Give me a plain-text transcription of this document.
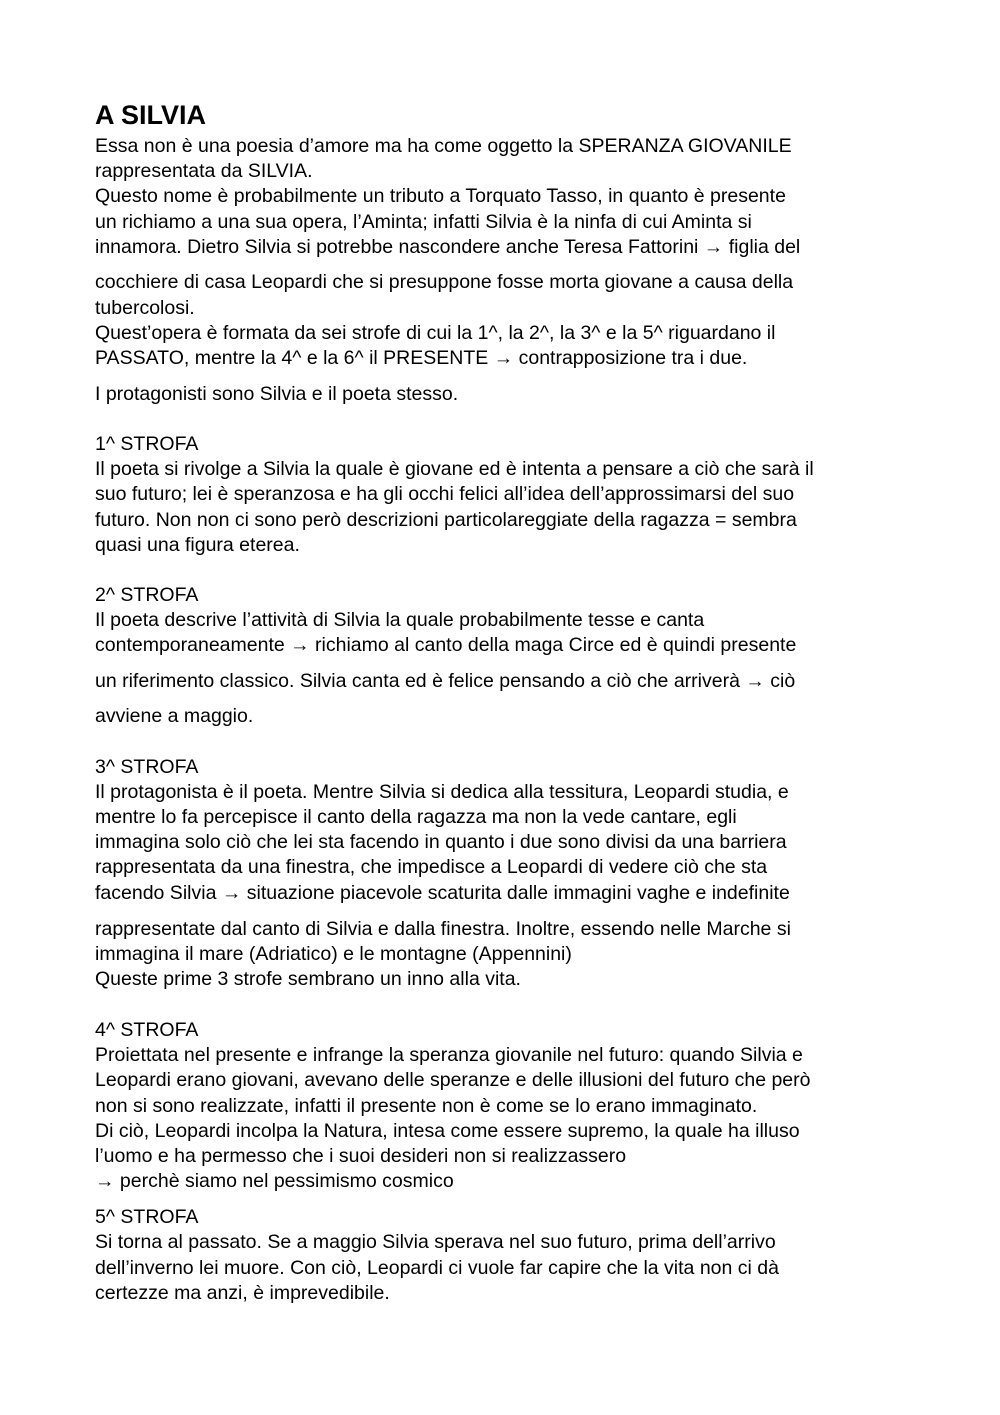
A SILVIA
Essa non è una poesia d’amore ma ha come oggetto la SPERANZA GIOVANILE
rappresentata da SILVIA.
Questo nome è probabilmente un tributo a Torquato Tasso, in quanto è presente
un richiamo a una sua opera, l’Aminta; infatti Silvia è la ninfa di cui Aminta si
innamora. Dietro Silvia si potrebbe nascondere anche Teresa Fattorini → figlia del
cocchiere di casa Leopardi che si presuppone fosse morta giovane a causa della
tubercolosi.
Quest’opera è formata da sei strofe di cui la 1^, la 2^, la 3^ e la 5^ riguardano il
PASSATO, mentre la 4^ e la 6^ il PRESENTE → contrapposizione tra i due.
I protagonisti sono Silvia e il poeta stesso.
1^ STROFA
Il poeta si rivolge a Silvia la quale è giovane ed è intenta a pensare a ciò che sarà il
suo futuro; lei è speranzosa e ha gli occhi felici all’idea dell’approssimarsi del suo
futuro. Non non ci sono però descrizioni particolareggiate della ragazza = sembra
quasi una figura eterea.
2^ STROFA
Il poeta descrive l’attività di Silvia la quale probabilmente tesse e canta
contemporaneamente → richiamo al canto della maga Circe ed è quindi presente
un riferimento classico. Silvia canta ed è felice pensando a ciò che arriverà → ciò
avviene a maggio.
3^ STROFA
Il protagonista è il poeta. Mentre Silvia si dedica alla tessitura, Leopardi studia, e
mentre lo fa percepisce il canto della ragazza ma non la vede cantare, egli
immagina solo ciò che lei sta facendo in quanto i due sono divisi da una barriera
rappresentata da una finestra, che impedisce a Leopardi di vedere ciò che sta
facendo Silvia → situazione piacevole scaturita dalle immagini vaghe e indefinite
rappresentate dal canto di Silvia e dalla finestra. Inoltre, essendo nelle Marche si
immagina il mare (Adriatico) e le montagne (Appennini)
Queste prime 3 strofe sembrano un inno alla vita.
4^ STROFA
Proiettata nel presente e infrange la speranza giovanile nel futuro: quando Silvia e
Leopardi erano giovani, avevano delle speranze e delle illusioni del futuro che però
non si sono realizzate, infatti il presente non è come se lo erano immaginato.
Di ciò, Leopardi incolpa la Natura, intesa come essere supremo, la quale ha illuso
l’uomo e ha permesso che i suoi desideri non si realizzassero
→ perchè siamo nel pessimismo cosmico
5^ STROFA
Si torna al passato. Se a maggio Silvia sperava nel suo futuro, prima dell’arrivo
dell’inverno lei muore. Con ciò, Leopardi ci vuole far capire che la vita non ci dà
certezze ma anzi, è imprevedibile.
